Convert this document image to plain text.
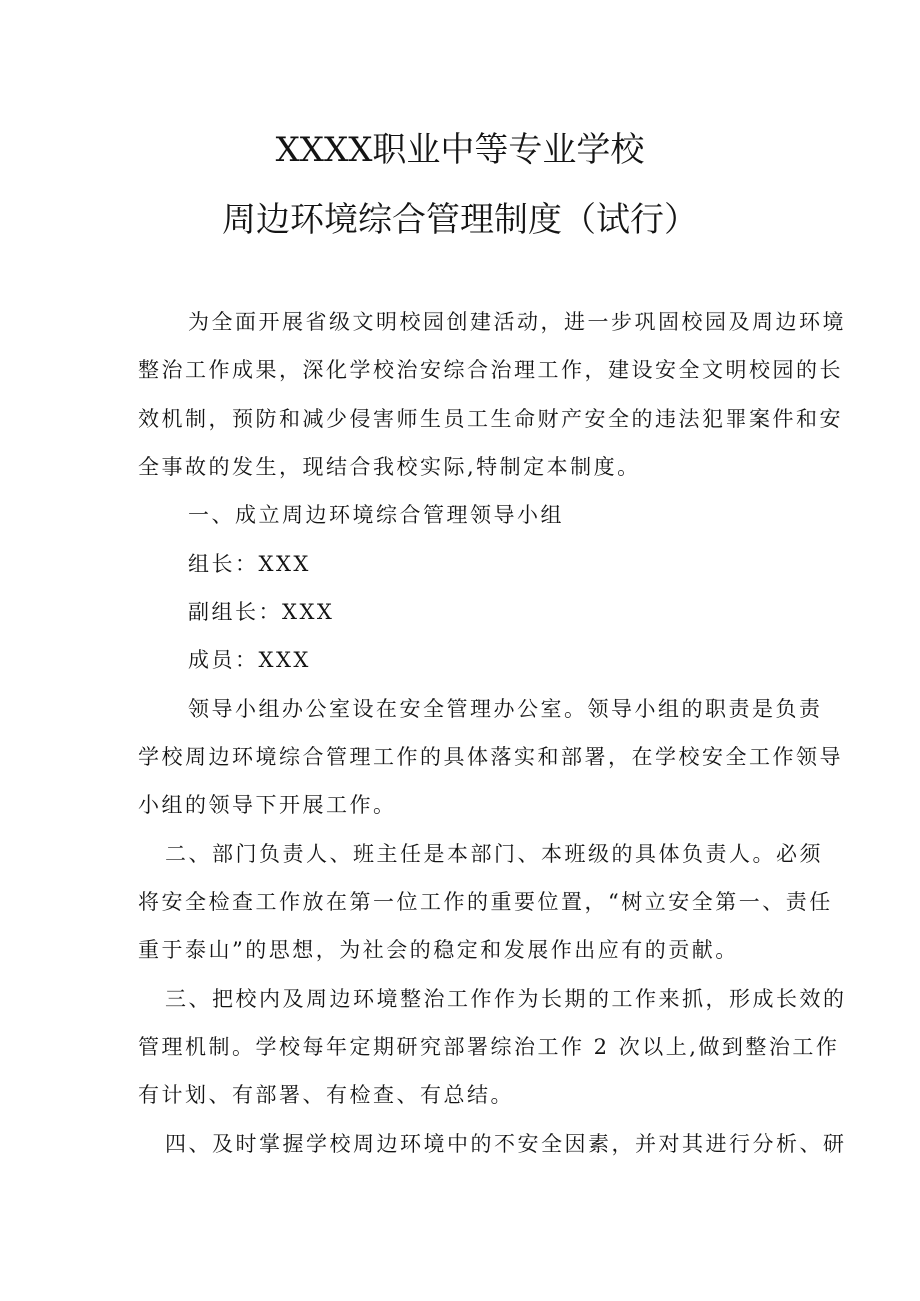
XXXX职业中等专业学校
周边环境综合管理制度（试行）
为全面开展省级文明校园创建活动，进一步巩固校园及周边环境
整治工作成果，深化学校治安综合治理工作，建设安全文明校园的长
效机制，预防和减少侵害师生员工生命财产安全的违法犯罪案件和安
全事故的发生，现结合我校实际,特制定本制度。
一、成立周边环境综合管理领导小组
组长：XXX
副组长：XXX
成员：XXX
领导小组办公室设在安全管理办公室。领导小组的职责是负责
学校周边环境综合管理工作的具体落实和部署，在学校安全工作领导
小组的领导下开展工作。
二、部门负责人、班主任是本部门、本班级的具体负责人。必须
将安全检查工作放在第一位工作的重要位置，“树立安全第一、责任
重于泰山”的思想，为社会的稳定和发展作出应有的贡献。
三、把校内及周边环境整治工作作为长期的工作来抓，形成长效的
管理机制。学校每年定期研究部署综治工作 2 次以上,做到整治工作
有计划、有部署、有检查、有总结。
四、及时掌握学校周边环境中的不安全因素，并对其进行分析、研
